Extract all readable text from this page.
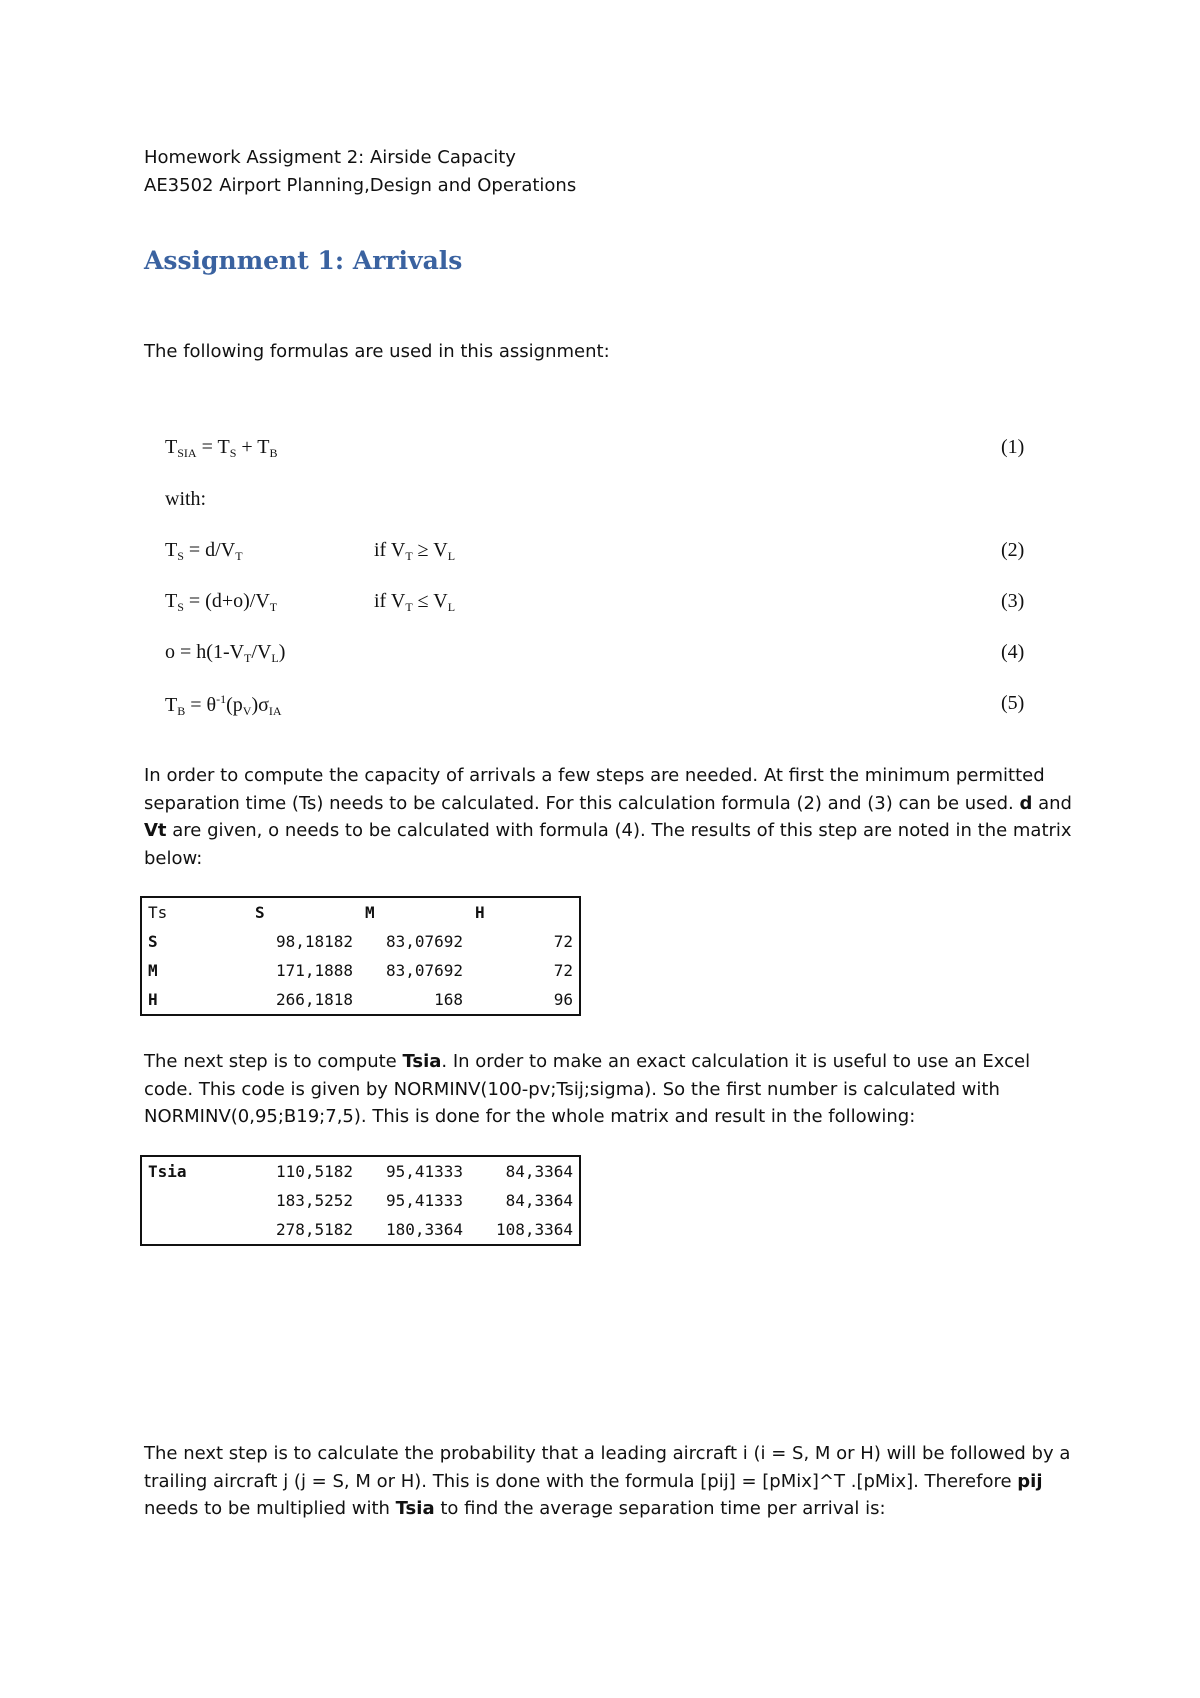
Homework Assigment 2: Airside Capacity
AE3502 Airport Planning,Design and Operations
Assignment 1: Arrivals
The following formulas are used in this assignment:
$T_{SIA} = T_S + T_B$	(1)
with:
$T_S = d/V_T$	if $V_T \ge V_L$	(2)
$T_S = (d+o)/V_T$	if $V_T \le V_L$	(3)
$o = h(1-V_T/V_L)$	(4)
$T_B = \theta^{-1}(p_V)\sigma_{IA}$	(5)
In order to compute the capacity of arrivals a few steps are needed. At first the minimum permitted separation time (Ts) needs to be calculated. For this calculation formula (2) and (3) can be used. d and Vt are given, o needs to be calculated with formula (4). The results of this step are noted in the matrix below:
Ts	S	M	H
S	98,18182	83,07692	72
M	171,1888	83,07692	72
H	266,1818	168	96
The next step is to compute Tsia. In order to make an exact calculation it is useful to use an Excel code. This code is given by NORMINV(100-pv;Tsij;sigma). So the first number is calculated with NORMINV(0,95;B19;7,5). This is done for the whole matrix and result in the following:
Tsia	110,5182	95,41333	84,3364
	183,5252	95,41333	84,3364
	278,5182	180,3364	108,3364
The next step is to calculate the probability that a leading aircraft i (i = S, M or H) will be followed by a trailing aircraft j (j = S, M or H). This is done with the formula [pij] = [pMix]^T .[pMix]. Therefore pij needs to be multiplied with Tsia to find the average separation time per arrival is:
